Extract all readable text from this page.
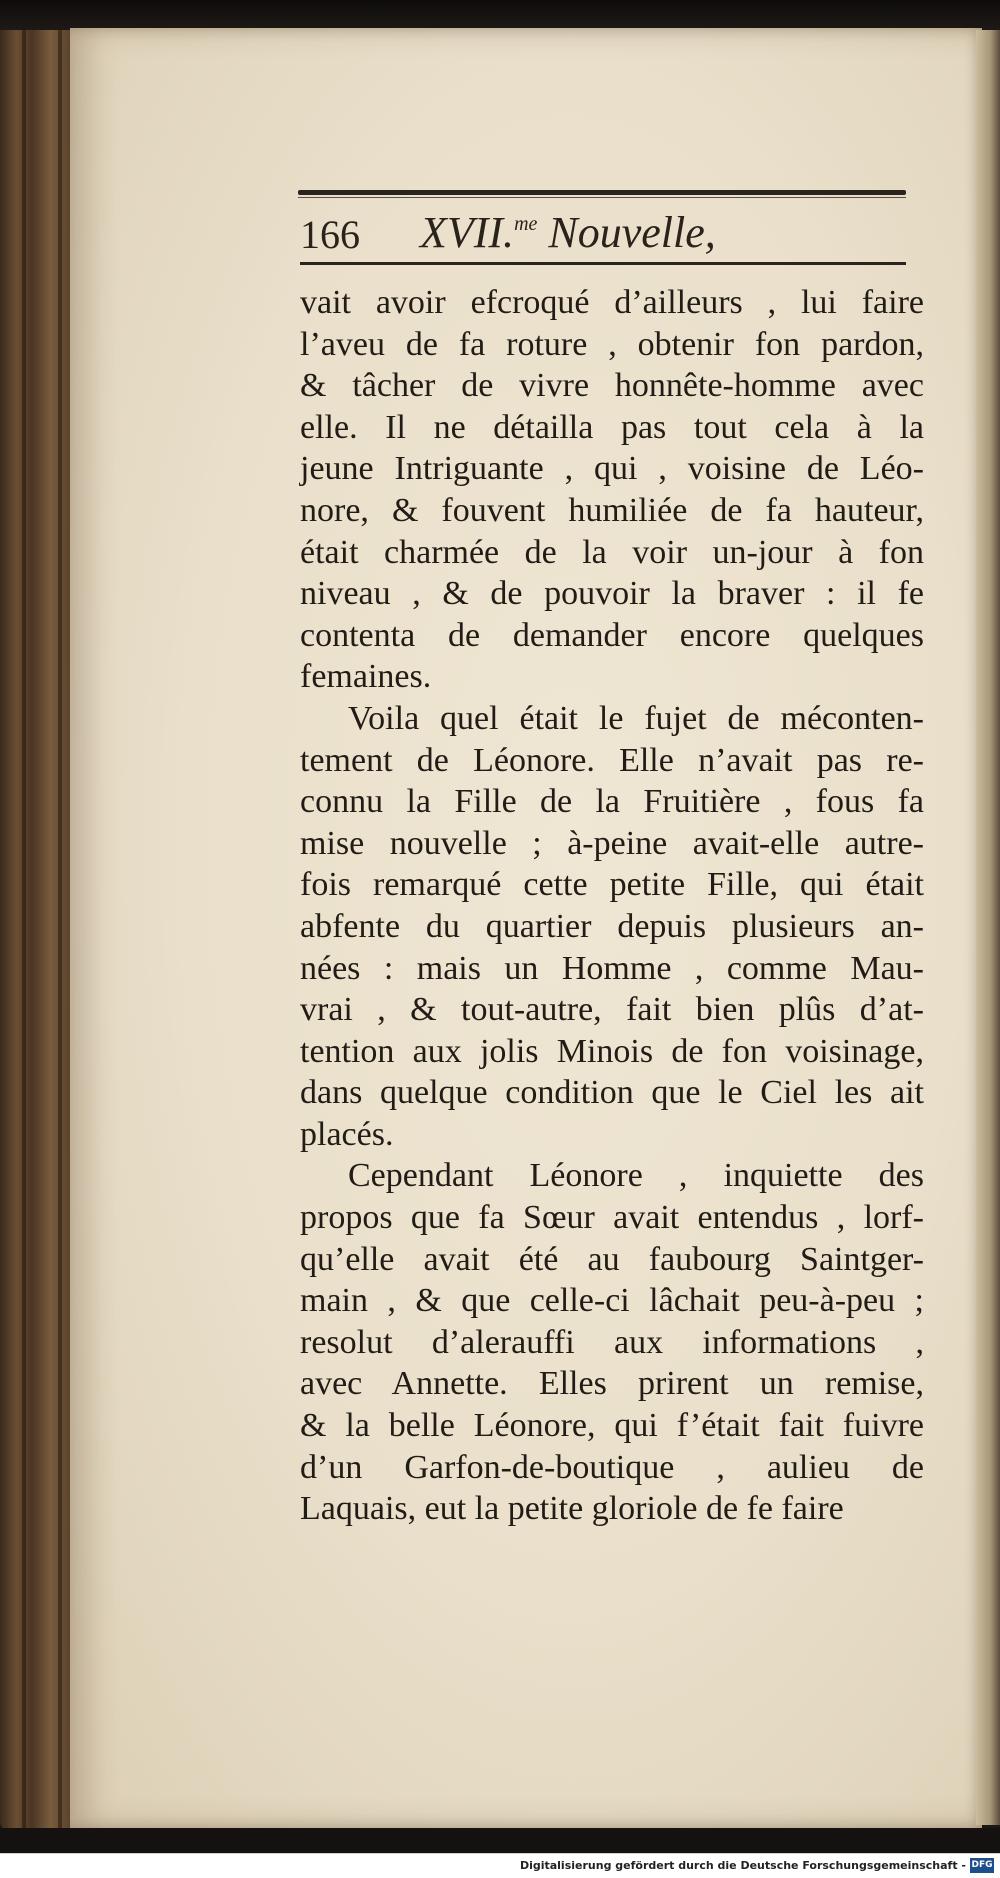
166 XVII.$^{me}$ Nouvelle,
vait avoir efcroqué d’ailleurs , lui faire
l’aveu de fa roture , obtenir fon pardon,
& tâcher de vivre honnête-homme avec
elle. Il ne détailla pas tout cela à la
jeune Intriguante , qui , voisine de Léo-
nore, & fouvent humiliée de fa hauteur,
était charmée de la voir un-jour à fon
niveau , & de pouvoir la braver : il fe
contenta de demander encore quelques
femaines.
Voila quel était le fujet de méconten-
tement de Léonore. Elle n’avait pas re-
connu la Fille de la Fruitière , fous fa
mise nouvelle ; à-peine avait-elle autre-
fois remarqué cette petite Fille, qui était
abfente du quartier depuis plusieurs an-
nées : mais un Homme , comme Mau-
vrai , & tout-autre, fait bien plûs d’at-
tention aux jolis Minois de fon voisinage,
dans quelque condition que le Ciel les ait
placés.
Cependant Léonore , inquiette des
propos que fa Sœur avait entendus , lorf-
qu’elle avait été au faubourg Saintger-
main , & que celle-ci lâchait peu-à-peu ;
resolut d’alerauffi aux informations ,
avec Annette. Elles prirent un remise,
& la belle Léonore, qui f’était fait fuivre
d’un Garfon-de-boutique , aulieu de
Laquais, eut la petite gloriole de fe faire
Digitalisierung gefördert durch die Deutsche Forschungsgemeinschaft - DFG
